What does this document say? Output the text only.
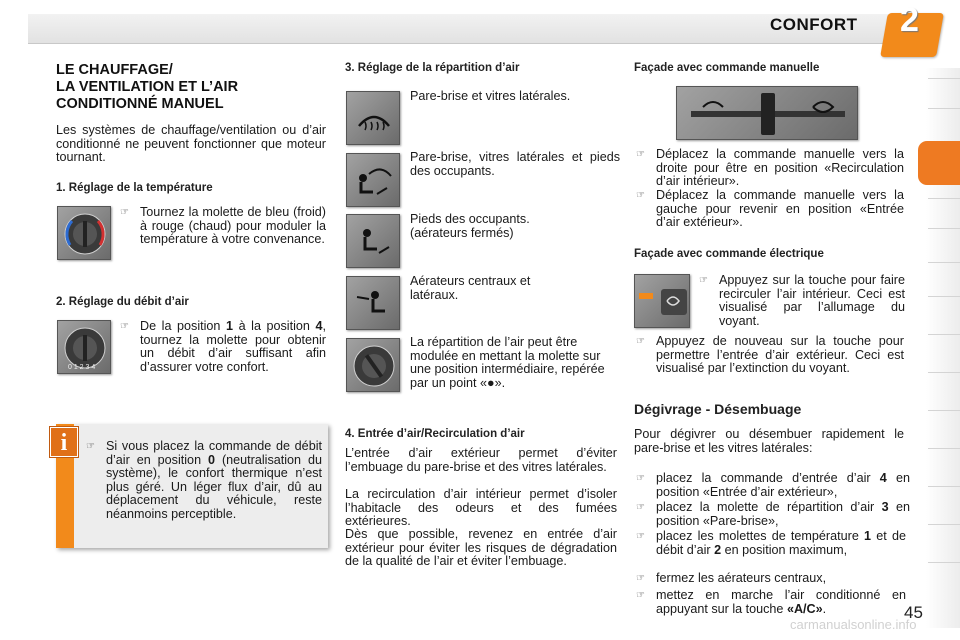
CONFORT 2
LE CHAUFFAGE/
LA VENTILATION ET L’AIR
CONDITIONNÉ MANUEL
Les systèmes de chauffage/ventilation ou d’air conditionné ne peuvent fonctionner que moteur tournant.
1. Réglage de la température
☞ Tournez la molette de bleu (froid) à rouge (chaud) pour moduler la température à votre convenance.
2. Réglage du débit d’air
0 1 2 3 4
☞ De la position 1 à la position 4, tournez la molette pour obtenir un débit d’air suffisant afin d’assurer votre confort.
i	☞ Si vous placez la commande de débit d’air en position 0 (neutralisation du système), le confort thermique n’est plus géré. Un léger flux d’air, dû au déplacement du véhicule, reste néanmoins perceptible.
3. Réglage de la répartition d’air
Pare-brise et vitres latérales.
Pare-brise, vitres latérales et pieds des occupants.
Pieds des occupants. (aérateurs fermés)
Aérateurs centraux et latéraux.
La répartition de l’air peut être modulée en mettant la molette sur une position intermédiaire, repérée par un point «●».
4. Entrée d’air/Recirculation d’air
L’entrée d’air extérieur permet d’éviter l’embuage du pare-brise et des vitres latérales.
La recirculation d’air intérieur permet d’isoler l’habitacle des odeurs et des fumées extérieures.
Dès que possible, revenez en entrée d’air extérieur pour éviter les risques de dégradation de la qualité de l’air et éviter l’embuage.
Façade avec commande manuelle
☞ Déplacez la commande manuelle vers la droite pour être en position «Recirculation d’air intérieur».
☞ Déplacez la commande manuelle vers la gauche pour revenir en position «Entrée d’air extérieur».
Façade avec commande électrique
☞ Appuyez sur la touche pour faire recirculer l’air intérieur. Ceci est visualisé par l’allumage du voyant.
☞ Appuyez de nouveau sur la touche pour permettre l’entrée d’air extérieur. Ceci est visualisé par l’extinction du voyant.
Dégivrage - Désembuage
Pour dégivrer ou désembuer rapidement le pare-brise et les vitres latérales:
☞ placez la commande d’entrée d’air 4 en position «Entrée d’air extérieur»,
☞ placez la molette de répartition d’air 3 en position «Pare-brise»,
☞ placez les molettes de température 1 et de débit d’air 2 en position maximum,
☞ fermez les aérateurs centraux,
☞ mettez en marche l’air conditionné en appuyant sur la touche «A/C».	45
carmanualsonline.info
